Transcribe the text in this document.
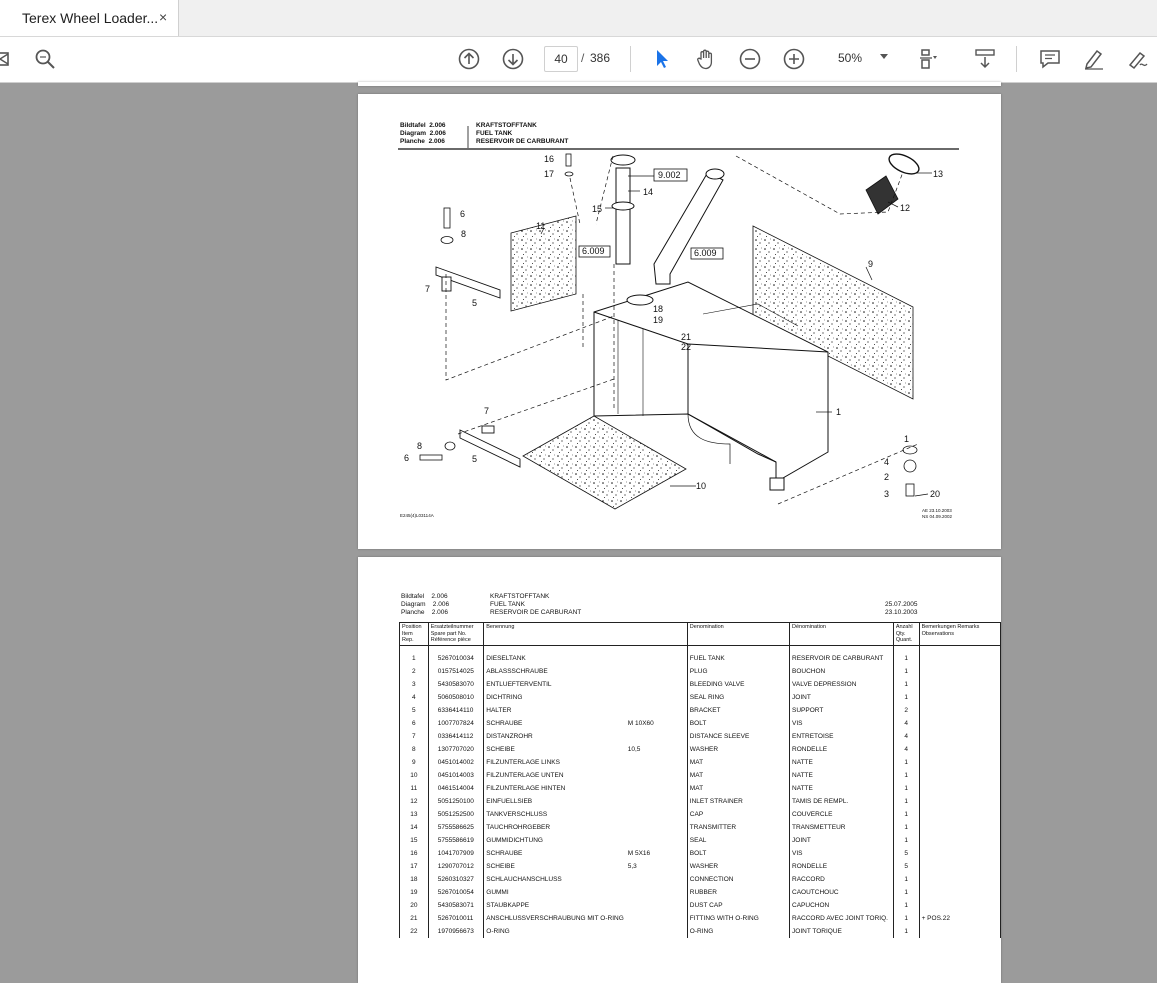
Terex Wheel Loader... ×
40	/ 386	50%
Bildtafel 2.006
Diagram 2.006
Planche 2.006
KRAFTSTOFFTANK
FUEL TANK
RESERVOIR DE CARBURANT
9.002
6.009	6.009
16
17
14
15
13
12
6
8
11
9
7
5
18
19
21
22
1
7
8
6	5
10
1
4
2
3	20
E245(4)L03114A
AE 23.10.2003
NS 04.09.2002
Bildtafel 2.006
Diagram 2.006
Planche 2.006
KRAFTSTOFFTANK
FUEL TANK
RESERVOIR DE CARBURANT
25.07.2005
23.10.2003
Position Item Rep.	Ersatzteilnummer Spare part No. Référence pièce	Benennung		Denomination	Dénomination	Anzahl Qty. Quant.	Bemerkungen Remarks Observations

1	5267010034	DIESELTANK		FUEL TANK	RESERVOIR DE CARBURANT	1	
2	0157514025	ABLASSSCHRAUBE		PLUG	BOUCHON	1	
3	5430583070	ENTLUEFTERVENTIL		BLEEDING VALVE	VALVE DEPRESSION	1	
4	5060508010	DICHTRING		SEAL RING	JOINT	1	
5	6336414110	HALTER		BRACKET	SUPPORT	2	
6	1007707824	SCHRAUBE	M 10X60	BOLT	VIS	4	
7	0336414112	DISTANZROHR		DISTANCE SLEEVE	ENTRETOISE	4	
8	1307707020	SCHEIBE	10,5	WASHER	RONDELLE	4	
9	0451014002	FILZUNTERLAGE LINKS		MAT	NATTE	1	
10	0451014003	FILZUNTERLAGE UNTEN		MAT	NATTE	1	
11	0461514004	FILZUNTERLAGE HINTEN		MAT	NATTE	1	
12	5051250100	EINFUELLSIEB		INLET STRAINER	TAMIS DE REMPL.	1	
13	5051252500	TANKVERSCHLUSS		CAP	COUVERCLE	1	
14	5755586625	TAUCHROHRGEBER		TRANSMITTER	TRANSMETTEUR	1	
15	5755586619	GUMMIDICHTUNG		SEAL	JOINT	1	
16	1041707909	SCHRAUBE	M 5X16	BOLT	VIS	5	
17	1290707012	SCHEIBE	5,3	WASHER	RONDELLE	5	
18	5260310327	SCHLAUCHANSCHLUSS		CONNECTION	RACCORD	1	
19	5267010054	GUMMI		RUBBER	CAOUTCHOUC	1	
20	5430583071	STAUBKAPPE		DUST CAP	CAPUCHON	1	
21	5267010011	ANSCHLUSSVERSCHRAUBUNG MIT O-RING		FITTING WITH O-RING	RACCORD AVEC JOINT TORIQ.	1	+ POS.22
22	1970956673	O-RING		O-RING	JOINT TORIQUE	1	
